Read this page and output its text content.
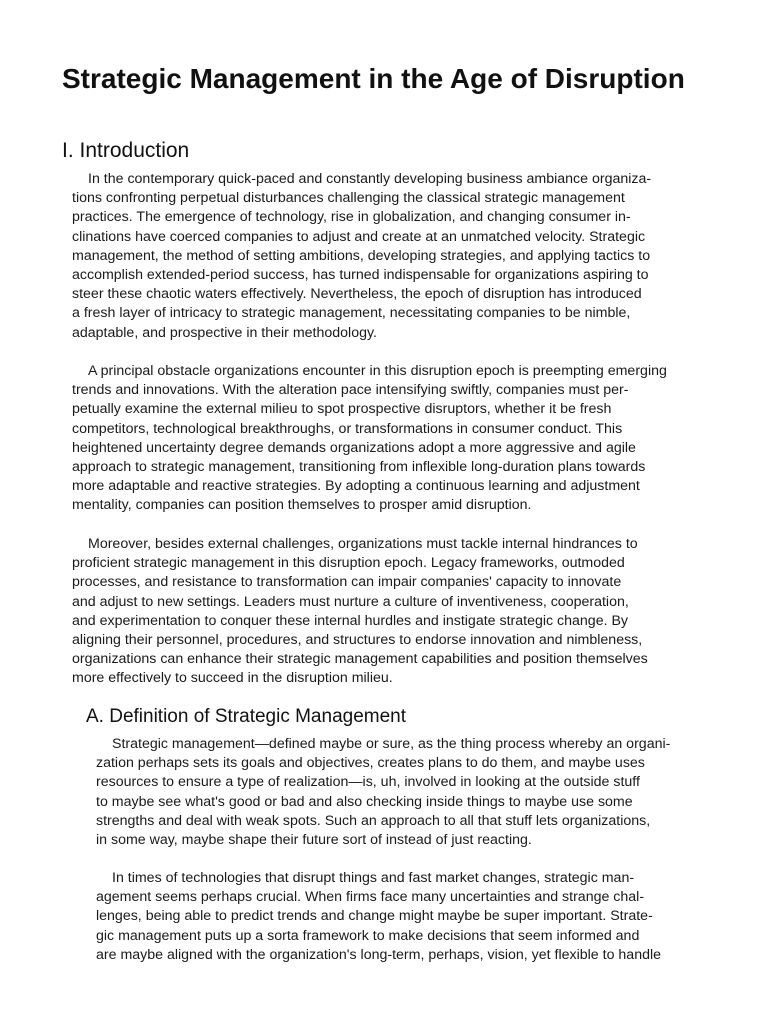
Strategic Management in the Age of Disruption
I. Introduction

In the contemporary quick-paced and constantly developing business ambiance organiza-
tions confronting perpetual disturbances challenging the classical strategic management
practices. The emergence of technology, rise in globalization, and changing consumer in-
clinations have coerced companies to adjust and create at an unmatched velocity. Strategic
management, the method of setting ambitions, developing strategies, and applying tactics to
accomplish extended-period success, has turned indispensable for organizations aspiring to
steer these chaotic waters effectively. Nevertheless, the epoch of disruption has introduced
a fresh layer of intricacy to strategic management, necessitating companies to be nimble,
adaptable, and prospective in their methodology.

A principal obstacle organizations encounter in this disruption epoch is preempting emerging
trends and innovations. With the alteration pace intensifying swiftly, companies must per-
petually examine the external milieu to spot prospective disruptors, whether it be fresh
competitors, technological breakthroughs, or transformations in consumer conduct. This
heightened uncertainty degree demands organizations adopt a more aggressive and agile
approach to strategic management, transitioning from inflexible long-duration plans towards
more adaptable and reactive strategies. By adopting a continuous learning and adjustment
mentality, companies can position themselves to prosper amid disruption.

Moreover, besides external challenges, organizations must tackle internal hindrances to
proficient strategic management in this disruption epoch. Legacy frameworks, outmoded
processes, and resistance to transformation can impair companies' capacity to innovate
and adjust to new settings. Leaders must nurture a culture of inventiveness, cooperation,
and experimentation to conquer these internal hurdles and instigate strategic change. By
aligning their personnel, procedures, and structures to endorse innovation and nimbleness,
organizations can enhance their strategic management capabilities and position themselves
more effectively to succeed in the disruption milieu.

A. Definition of Strategic Management

Strategic management—defined maybe or sure, as the thing process whereby an organi-
zation perhaps sets its goals and objectives, creates plans to do them, and maybe uses
resources to ensure a type of realization—is, uh, involved in looking at the outside stuff
to maybe see what's good or bad and also checking inside things to maybe use some
strengths and deal with weak spots. Such an approach to all that stuff lets organizations,
in some way, maybe shape their future sort of instead of just reacting.

In times of technologies that disrupt things and fast market changes, strategic man-
agement seems perhaps crucial. When firms face many uncertainties and strange chal-
lenges, being able to predict trends and change might maybe be super important. Strate-
gic management puts up a sorta framework to make decisions that seem informed and
are maybe aligned with the organization's long-term, perhaps, vision, yet flexible to handle
